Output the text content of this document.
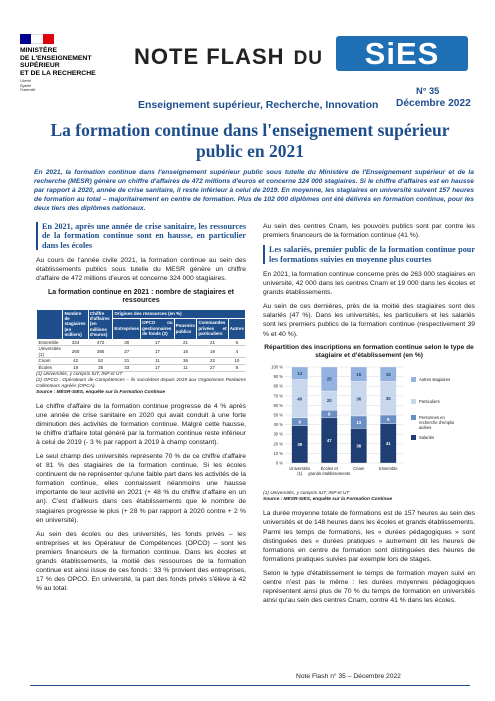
MINISTÈRE
DE L'ENSEIGNEMENT
SUPÉRIEUR
ET DE LA RECHERCHE
Liberté
Égalité
Fraternité
NOTE FLASH DU	SiES
N° 35
Enseignement supérieur, Recherche, Innovation Décembre 2022
La formation continue dans l'enseignement supérieur public en 2021
En 2021, la formation continue dans l'enseignement supérieur public sous tutelle du Ministère de l'Enseignement supérieur et de la recherche (MESR) génère un chiffre d'affaires de 472 millions d'euros et concerne 324 000 stagiaires. Si le chiffre d'affaires est en hausse par rapport à 2020, année de crise sanitaire, il reste inférieur à celui de 2019. En moyenne, les stagiaires en université suivent 157 heures de formation au total – majoritairement en centre de formation. Plus de 102 000 diplômes ont été délivrés en formation continue, pour les deux tiers des diplômes nationaux.
En 2021, après une année de crise sanitaire, les ressources de la formation continue sont en hausse, en particulier dans les écoles
Au cours de l'année civile 2021, la formation continue au sein des établissements publics sous tutelle du MESR génère un chiffre d'affaire de 472 millions d'euros et concerne 324 000 stagiaires.
La formation continue en 2021 : nombre de stagiaires et ressources
	Nombre de stagiaires (en milliers)	Chiffre d'affaires (en millions d'euros)	Origines des ressources (en %)				
			Entreprises	OPCO ou gestionnaires de fonds (2)	Pouvoirs publics	Commandes privées et particuliers	Autres
Ensemble	324	472	30	17	21	21	6
Universités (1)	260	385	27	17	16	19	4
Cnam	42	52	21	11	36	22	10
Écoles	19	35	33	17	11	27	8
(1) Universités, y compris IUT, INP et UT
(2) OPCO : Opérateurs de Compétences – ils succèdent depuis 2019 aux Organismes Paritaires Collecteurs Agréés (OPCA).
Source : MESR-SIES, enquête sur la Formation Continue
Le chiffre d'affaire de la formation continue progresse de 4 % après une année de crise sanitaire en 2020 qui avait conduit à une forte diminution des activités de formation continue. Malgré cette hausse, le chiffre d'affaire total généré par la formation continue reste inférieur à celui de 2019 (- 3 % par rapport à 2019 à champ constant).
Le seul champ des universités représente 70 % de ce chiffre d'affaire et 81 % des stagiaires de la formation continue. Si les écoles continuent de ne représenter qu'une faible part dans les activités de la formation continue, elles connaissent néanmoins une hausse importante de leur activité en 2021 (+ 48 % du chiffre d'affaire en un an). C'est d'ailleurs dans ces établissements que le nombre de stagiaires progresse le plus (+ 28 % par rapport à 2020 contre + 2 % en université).
Au sein des écoles ou des universités, les fonds privés – les entreprises et les Opérateur de Compétences (OPCO) – sont les premiers financeurs de la formation continue. Dans les écoles et grands établissements, la moitié des ressources de la formation continue est ainsi issue de ces fonds : 33 % provient des entreprises, 17 % des OPCO. En université, la part des fonds privés s'élève à 42 % au total.
Au sein des centres Cnam, les pouvoirs publics sont par contre les premiers financeurs de la formation continue (41 %).
Les salariés, premier public de la formation continue pour les formations suivies en moyenne plus courtes
En 2021, la formation continue concerne près de 263 000 stagiaires en université, 42 000 dans les centres Cnam et 19 000 dans les écoles et grands établissements.
Au sein de ces dernières, près de la moitié des stagiaires sont des salariés (47 %). Dans les universités, les particuliers et les salariés sont les premiers publics de la formation continue (respectivement 39 % et 40 %).
Répartition des inscriptions en formation continue selon le type de stagiaire et d'établissement (en %)
0 %
10 %
20 %
30 %
40 %
50 %
60 %
70 %
80 %
90 %
100 %
39
8
40
13
Universités (1)
47
8
20
25
Écoles et grands établissements
36
13
36
15
Cnam
41
9
35
15
Ensemble
Autres stagiaires
Particuliers
Personnes en recherche d'emploi aidées
Salariés
(1) Universités, y compris IUT, INP et UT
Source : MESR-SIES, enquête sur la Formation Continue
La durée moyenne totale de formations est de 157 heures au sein des universités et de 148 heures dans les écoles et grands établissements. Parmi les temps de formations, les « durées pédagogiques » sont distinguées des « durées pratiques » autrement dit les heures de formations en centre de formation sont distinguées des heures de formations pratiques suivies par exemple lors de stages.
Selon le type d'établissement le temps de formation moyen suivi en centre n'est pas le même : les durées moyennes pédagogiques représentent ainsi plus de 70 % du temps de formation en universités ainsi qu'au sein des centres Cnam, contre 41 % dans les écoles.
Note Flash n° 35 – Décembre 2022
